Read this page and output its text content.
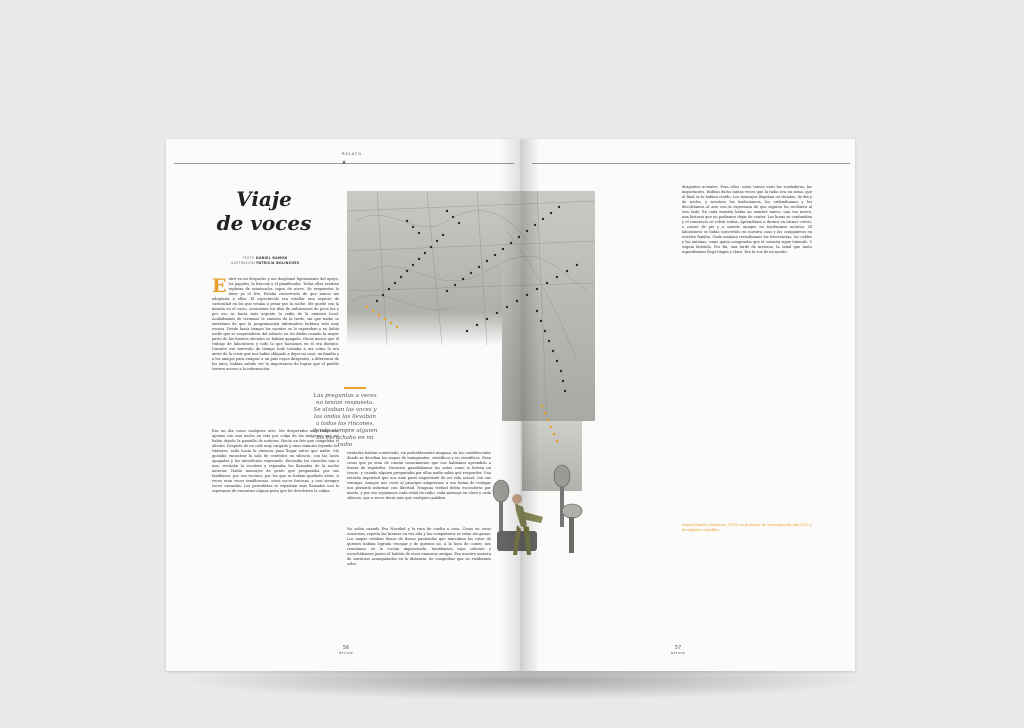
RELATO
❦
Viaje
de voces
TEXTO DANIEL RAMÓN
ILUSTRACIÓN PATRICIA BOLINCHES
Entré en mi despacho y me desplomé ligeramente del apoyo, los papeles, la báscula y el planificador. Todas ellas estaban repletas de minúsculos copos de nieve. Se respuestas lo tiene ya el frío. Estaba conservado de que nunca me adaptaría a ellos. El espectáculo era estallar una especie de curiosidad en los que venían a pesar por la noche. Me quedé con la mirada en el vacío, consciente los días de nubarrones de poca luz y por eso se hacía más urgente la radio de la emisora local. Acabábamos de terminar la emisión de la tarde, sin que nadie se extrañara de que la programación informativa hubiera sido muy escasa. Desde hacía tiempo los oyentes se lo esperaban y no había nadie que se sorprendiera del silencio en los diales cuando la mayor parte de las fuentes oficiales se habían apagado. Hacía meses que el trabajo de laboratorio y todo lo que hacíamos en él era distinto. Durante ese intervalo de tiempo todo tornaba a ser como lo era antes de la crisis que nos había obligado a dejar mi casa, mi familia y a los amigos para emigrar a un país cuyos dirigentes, a diferencia de los míos, habían sabido ver la importancia de lograr que el pueblo tuviera acceso a la información.
Era un día como cualquier otro. Me despertaba muy temprano, apenas con una noche en vela por culpa de las imágenes que me había dejado la pantalla de noticias. Hacía un frío que congelaba el aliento. Después de un café muy cargado y unos minutos leyendo los titulares, salía hacia la emisora para llegar antes que nadie. Me gustaba encontrar la sala de controles en silencio, con las luces apagadas y los micrófonos esperando. Encendía las consolas una a una, revisaba la escaleta y repasaba las llamadas de la noche anterior. Había mensajes de gente que preguntaba por sus familiares, por sus vecinos, por los que se habían quedado atrás. A veces eran voces temblorosas, otras voces furiosas, y casi siempre voces cansadas. Los periodistas se repartían esas llamadas con la esperanza de encontrar alguna pista que les devolviera la calma.
Las preguntas a veces no tenían respuesta. Se alzaban las voces y las ondas las llevaban a todos los rincones, donde siempre alguien las escuchaba en mi radio
rividades habían contestado, sin probablemente ninguna, en los confidenciales donde se decidían los mapas de inmigrantes, científicos y no científicos. Eran cosas que ya eran de común conocimiento que nos habíamos aprendido a fuerza de repetirlas. Nosotros guardábamos las notas como si fueran un tesoro, y cuando alguien preguntaba por ellas nadie sabía qué responder. Una extraña inquietud que nos unía parte importante de mi vida actual, con sus ventajas. Aunque nos costó al principio adaptarnos a esa forma de trabajar nos permitió informar con libertad. Ninguna verdad debía esconderse por miedo, y por eso seguíamos cada señal de radio, cada mensaje en clave y cada silencio, que a veces decía más que cualquier palabra.
No sabía cuando Eva Navidad y la ruta de vuelta a casa. Como en otras ocasiones, repetía las bromas en voz alta y los compañeros se reían sin ganas. Los mapas estaban llenos de líneas punteadas que marcaban las rutas de quienes habían logrado escapar y de quienes no. A la hora de comer, nos reuníamos en la cocina improvisada, tomábamos sopa caliente y escuchábamos juntos el boletín de otras emisoras amigas. Era nuestra manera de sentirnos acompañados en la distancia, de comprobar que no estábamos solos.
56
MÈTODE
dirigentes actuales. Para ellos, estas tareas eran las verdaderas, las importantes. Habían dicho tantas veces que la radio era un arma, que al final se lo habían creído. Los mensajes llegaban en oleadas, de día y de noche, y nosotros los traducíamos, los ordenábamos y los devolvíamos al aire con la esperanza de que alguien los recibiera al otro lado. En cada emisión había un nombre nuevo, una voz nueva, una historia que no podíamos dejar de contar. Las horas se confundían y el cansancio se volvía rutina. Aprendimos a dormir en turnos cortos, a comer de pie y a sonreír aunque no tuviéramos motivos. El laboratorio se había convertido en nuestra casa y los compañeros en nuestra familia. Cada mañana revisábamos las frecuencias, los cables y las antenas, como quien comprueba que el corazón sigue latiendo. Y seguía latiendo. Por fin, una tarde de invierno, la señal que tanto esperábamos llegó limpia y clara. Era la voz de mi madre.
Daniel Ramón (Valencia, 1959) es profesor de investigación del CSIC y divulgador científico.
57
MÈTODE
